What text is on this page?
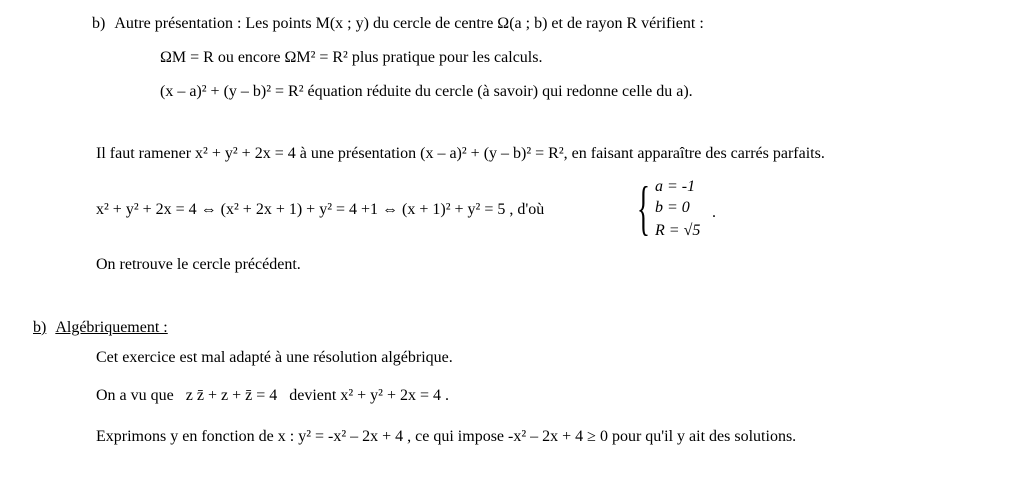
b) Autre présentation : Les points M(x ; y) du cercle de centre Ω(a ; b) et de rayon R vérifient :
ΩM = R ou encore ΩM² = R² plus pratique pour les calculs.
(x – a)² + (y – b)² = R² équation réduite du cercle (à savoir) qui redonne celle du a).
Il faut ramener x² + y² + 2x = 4 à une présentation (x – a)² + (y – b)² = R², en faisant apparaître des carrés parfaits.
x² + y² + 2x = 4 ⇔ (x² + 2x + 1) + y² = 4 +1 ⇔ (x + 1)² + y² = 5 , d'où { a = -1
b = 0
R = √5
.
On retrouve le cercle précédent.
b) Algébriquement :
Cet exercice est mal adapté à une résolution algébrique.
On a vu que z z̄ + z + z̄ = 4 devient x² + y² + 2x = 4 .
Exprimons y en fonction de x : y² = -x² – 2x + 4 , ce qui impose -x² – 2x + 4 ≥ 0 pour qu'il y ait des solutions.
